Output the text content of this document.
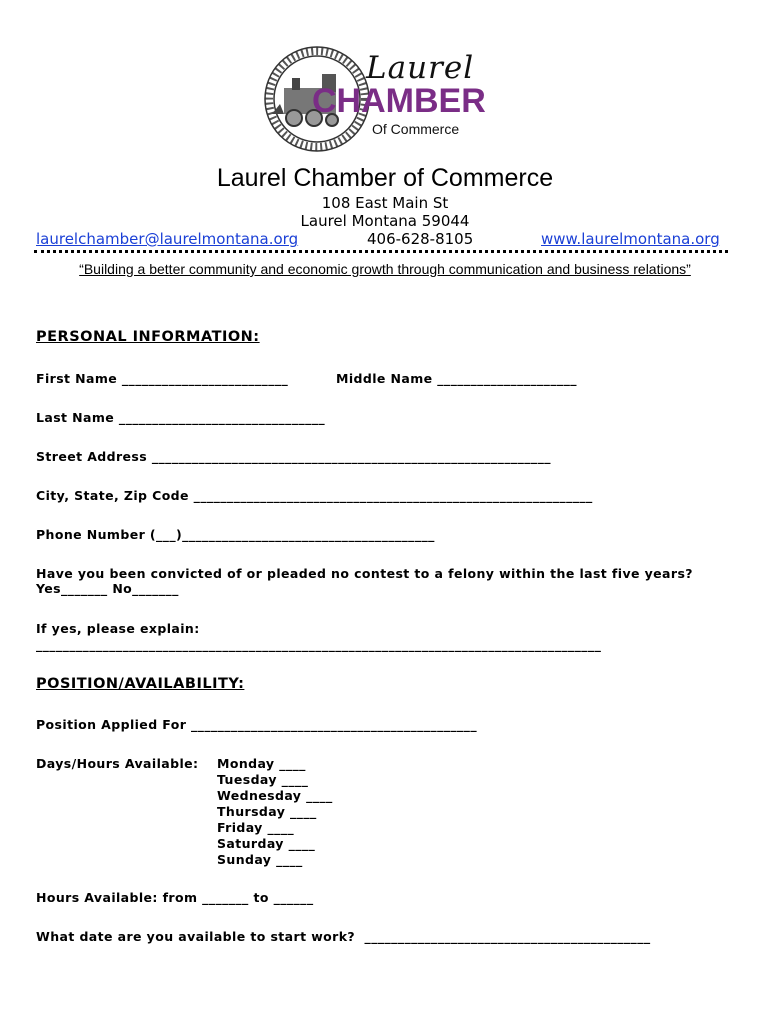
Laurel
CHAMBER
Of Commerce
Laurel Chamber of Commerce
108 East Main St
Laurel Montana 59044
laurelchamber@laurelmontana.org	406-628-8105	www.laurelmontana.org
“Building a better community and economic growth through communication and business relations”
PERSONAL INFORMATION:
First Name _________________________	Middle Name _____________________
Last Name _______________________________
Street Address ____________________________________________________________
City, State, Zip Code ____________________________________________________________
Phone Number (___)______________________________________
Have you been convicted of or pleaded no contest to a felony within the last five years?
Yes_______ No_______
If yes, please explain:
_____________________________________________________________________________________
POSITION/AVAILABILITY:
Position Applied For ___________________________________________
Days/Hours Available: Monday ____
Tuesday ____
Wednesday ____
Thursday ____
Friday ____
Saturday ____
Sunday ____
Hours Available: from _______ to ______
What date are you available to start work?  ___________________________________________
